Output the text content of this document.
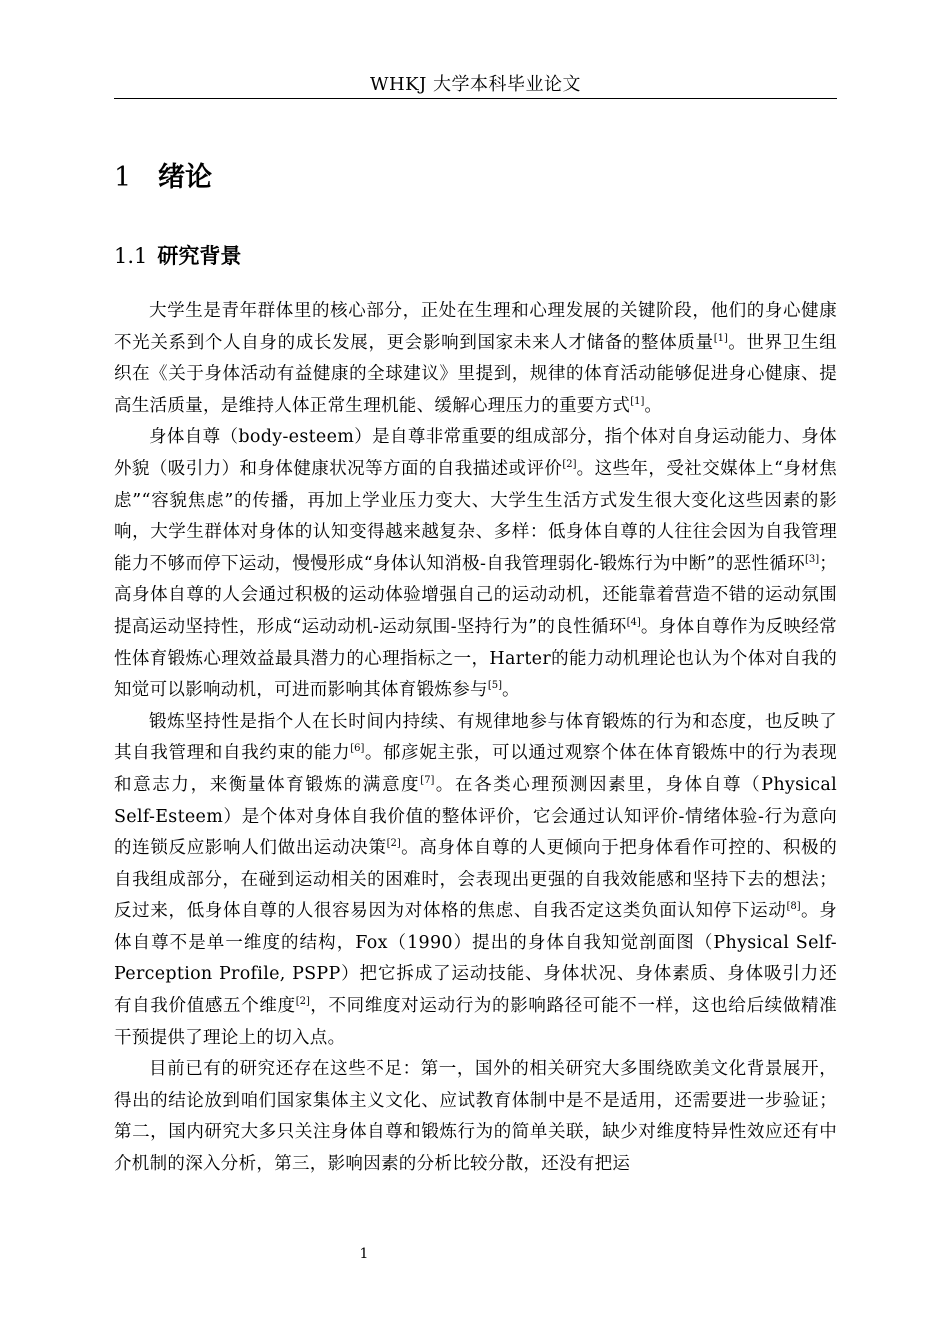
WHKJ 大学本科毕业论文
1 绪论
1.1 研究背景

大学生是青年群体里的核心部分，正处在生理和心理发展的关键阶段，他们的身心健康不光关系到个人自身的成长发展，更会影响到国家未来人才储备的整体质量[1]。世界卫生组织在《关于身体活动有益健康的全球建议》里提到，规律的体育活动能够促进身心健康、提高生活质量，是维持人体正常生理机能、缓解心理压力的重要方式[1]。

身体自尊（body-esteem）是自尊非常重要的组成部分，指个体对自身运动能力、身体外貌（吸引力）和身体健康状况等方面的自我描述或评价[2]。这些年，受社交媒体上“身材焦虑”“容貌焦虑”的传播，再加上学业压力变大、大学生生活方式发生很大变化这些因素的影响，大学生群体对身体的认知变得越来越复杂、多样：低身体自尊的人往往会因为自我管理能力不够而停下运动，慢慢形成“身体认知消极-自我管理弱化-锻炼行为中断”的恶性循环[3]；高身体自尊的人会通过积极的运动体验增强自己的运动动机，还能靠着营造不错的运动氛围提高运动坚持性，形成“运动动机-运动氛围-坚持行为”的良性循环[4]。身体自尊作为反映经常性体育锻炼心理效益最具潜力的心理指标之一，Harter的能力动机理论也认为个体对自我的知觉可以影响动机，可进而影响其体育锻炼参与[5]。

锻炼坚持性是指个人在长时间内持续、有规律地参与体育锻炼的行为和态度，也反映了其自我管理和自我约束的能力[6]。郁彦妮主张，可以通过观察个体在体育锻炼中的行为表现和意志力，来衡量体育锻炼的满意度[7]。在各类心理预测因素里，身体自尊（Physical Self-Esteem）是个体对身体自我价值的整体评价，它会通过认知评价-情绪体验-行为意向的连锁反应影响人们做出运动决策[2]。高身体自尊的人更倾向于把身体看作可控的、积极的自我组成部分，在碰到运动相关的困难时，会表现出更强的自我效能感和坚持下去的想法；反过来，低身体自尊的人很容易因为对体格的焦虑、自我否定这类负面认知停下运动[8]。身体自尊不是单一维度的结构，Fox（1990）提出的身体自我知觉剖面图（Physical Self-Perception Profile, PSPP）把它拆成了运动技能、身体状况、身体素质、身体吸引力还有自我价值感五个维度[2]，不同维度对运动行为的影响路径可能不一样，这也给后续做精准干预提供了理论上的切入点。

目前已有的研究还存在这些不足：第一，国外的相关研究大多围绕欧美文化背景展开，得出的结论放到咱们国家集体主义文化、应试教育体制中是不是适用，还需要进一步验证；第二，国内研究大多只关注身体自尊和锻炼行为的简单关联，缺少对维度特异性效应还有中介机制的深入分析，第三，影响因素的分析比较分散，还没有把运

1
